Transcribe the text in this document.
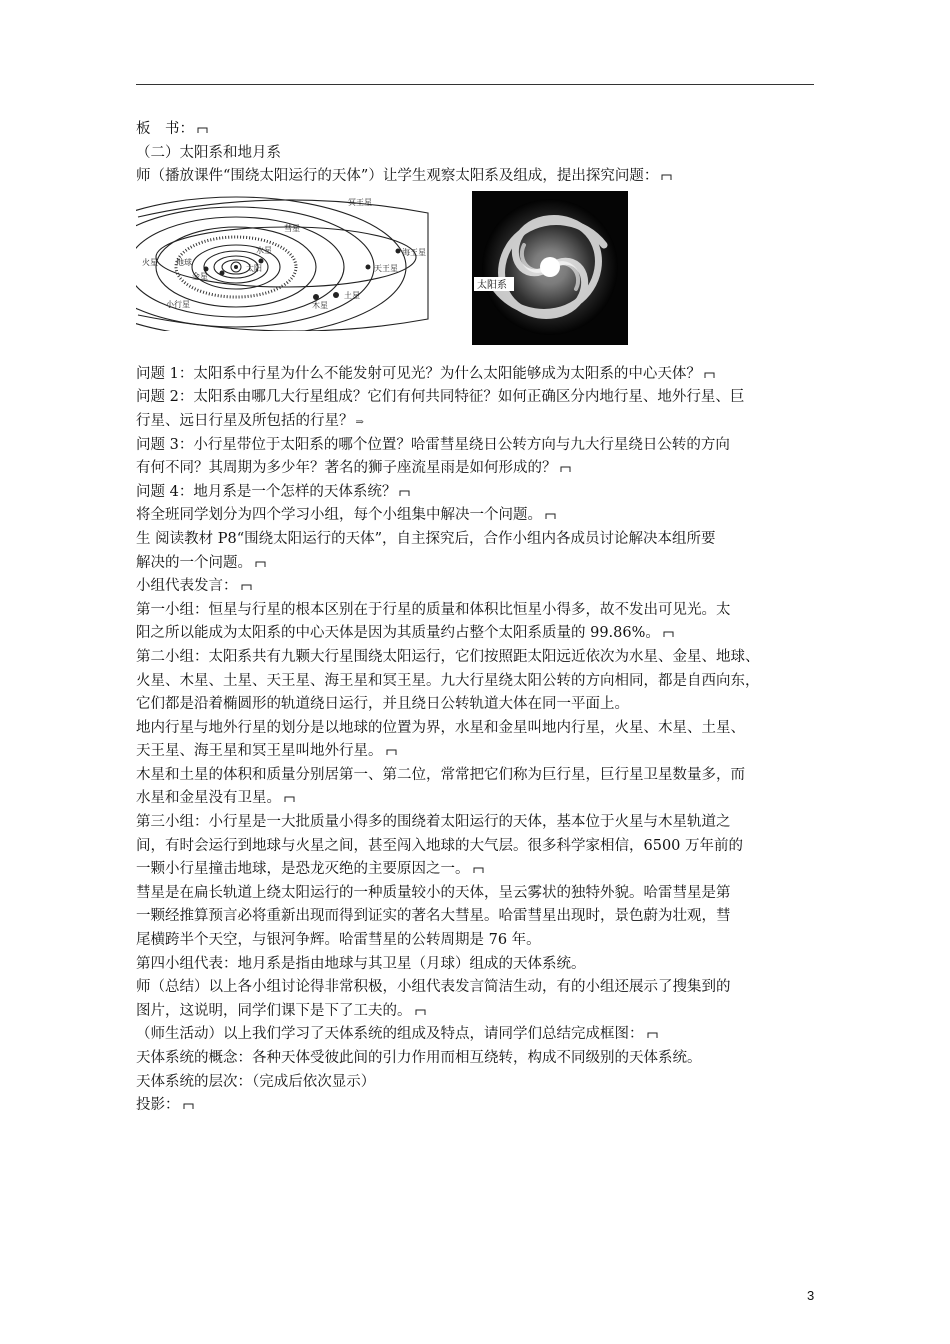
板　书：
（二）太阳系和地月系
师（播放课件“围绕太阳运行的天体”）让学生观察太阳系及组成，提出探究问题：
冥王星
海王星
天王星
土星
木星
火星 地球
金星
水星
太阳
彗星
小行星
太阳系
问题 1：太阳系中行星为什么不能发射可见光？为什么太阳能够成为太阳系的中心天体？
问题 2：太阳系由哪几大行星组成？它们有何共同特征？如何正确区分内地行星、地外行星、巨
行星、远日行星及所包括的行星？ ⇒
问题 3：小行星带位于太阳系的哪个位置？哈雷彗星绕日公转方向与九大行星绕日公转的方向
有何不同？其周期为多少年？著名的狮子座流星雨是如何形成的？
问题 4：地月系是一个怎样的天体系统？
将全班同学划分为四个学习小组，每个小组集中解决一个问题。
生 阅读教材 P8“围绕太阳运行的天体”，自主探究后，合作小组内各成员讨论解决本组所要
解决的一个问题。
小组代表发言：
第一小组：恒星与行星的根本区别在于行星的质量和体积比恒星小得多，故不发出可见光。太
阳之所以能成为太阳系的中心天体是因为其质量约占整个太阳系质量的 99.86%。
第二小组：太阳系共有九颗大行星围绕太阳运行，它们按照距太阳远近依次为水星、金星、地球、
火星、木星、土星、天王星、海王星和冥王星。九大行星绕太阳公转的方向相同，都是自西向东，
它们都是沿着椭圆形的轨道绕日运行，并且绕日公转轨道大体在同一平面上。
地内行星与地外行星的划分是以地球的位置为界，水星和金星叫地内行星，火星、木星、土星、
天王星、海王星和冥王星叫地外行星。
木星和土星的体积和质量分别居第一、第二位，常常把它们称为巨行星，巨行星卫星数量多，而
水星和金星没有卫星。
第三小组：小行星是一大批质量小得多的围绕着太阳运行的天体，基本位于火星与木星轨道之
间，有时会运行到地球与火星之间，甚至闯入地球的大气层。很多科学家相信，6500 万年前的
一颗小行星撞击地球，是恐龙灭绝的主要原因之一。
彗星是在扁长轨道上绕太阳运行的一种质量较小的天体，呈云雾状的独特外貌。哈雷彗星是第
一颗经推算预言必将重新出现而得到证实的著名大彗星。哈雷彗星出现时，景色蔚为壮观，彗
尾横跨半个天空，与银河争辉。哈雷彗星的公转周期是 76 年。
第四小组代表：地月系是指由地球与其卫星（月球）组成的天体系统。
师（总结）以上各小组讨论得非常积极，小组代表发言简洁生动，有的小组还展示了搜集到的
图片，这说明，同学们课下是下了工夫的。
（师生活动）以上我们学习了天体系统的组成及特点，请同学们总结完成框图：
天体系统的概念：各种天体受彼此间的引力作用而相互绕转，构成不同级别的天体系统。
天体系统的层次：（完成后依次显示）
投影：
3
